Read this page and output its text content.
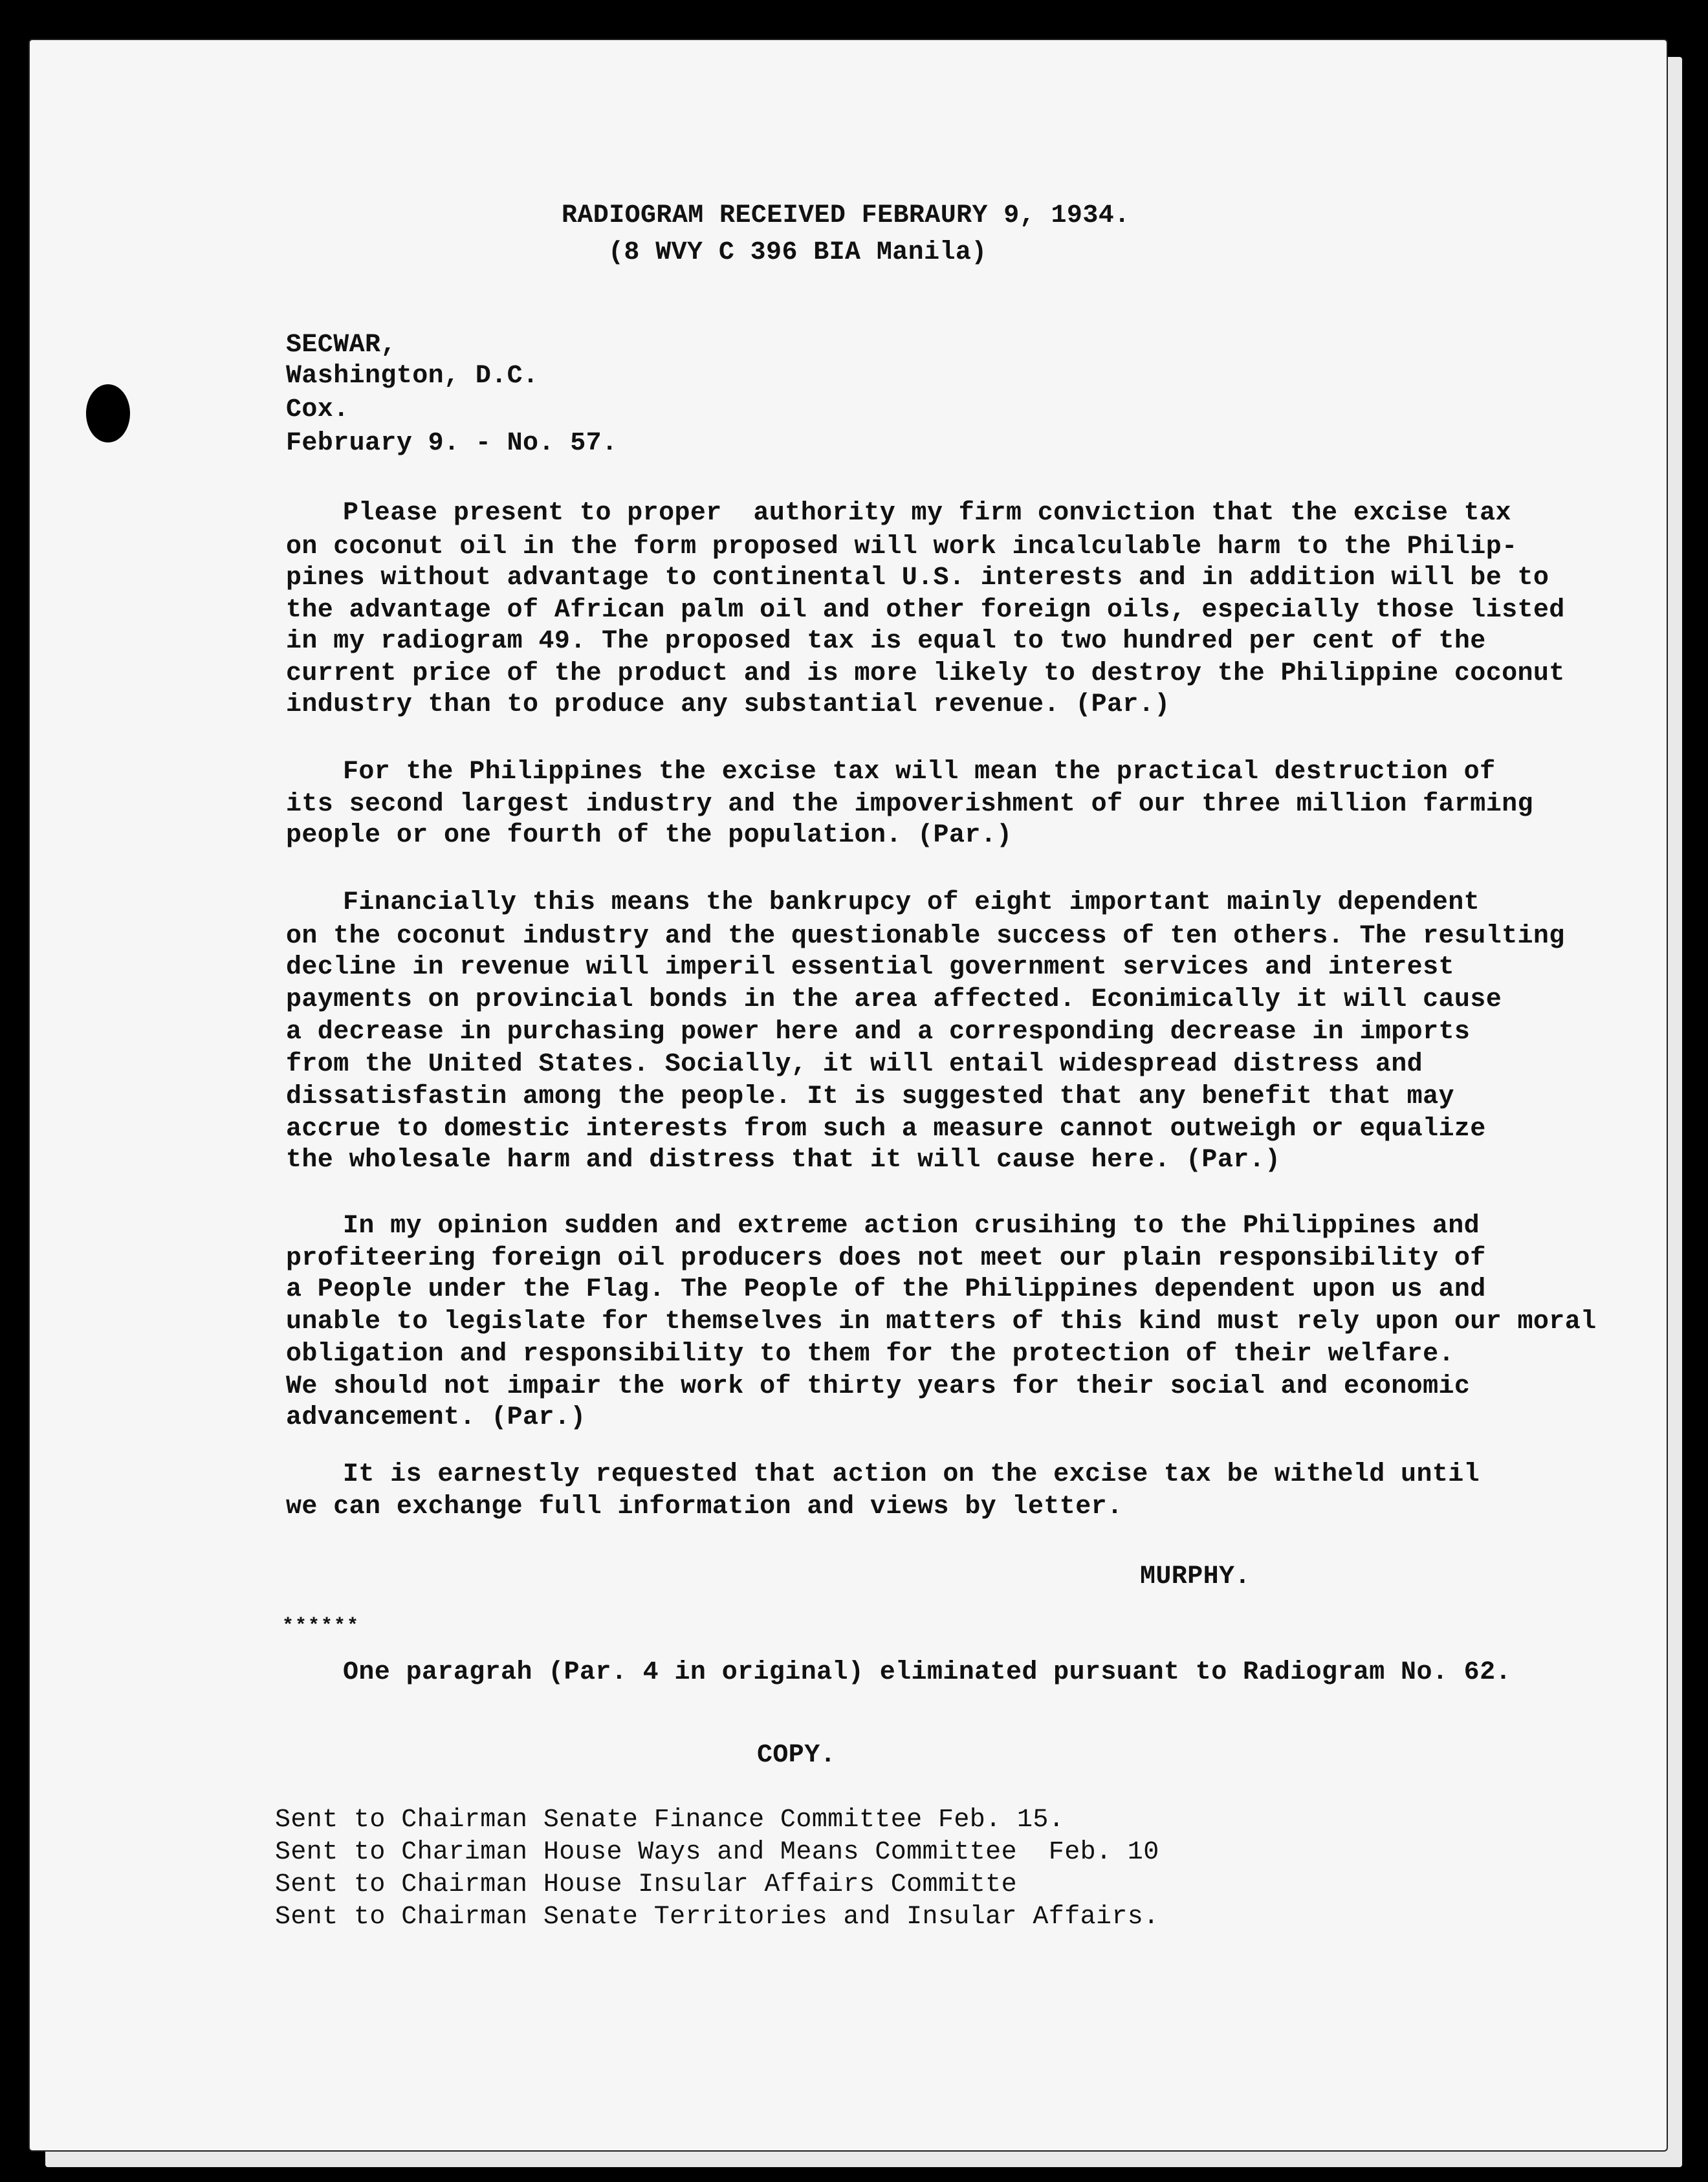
RADIOGRAM RECEIVED FEBRAURY 9, 1934.

(8 WVY C 396 BIA Manila)

SECWAR,

Washington, D.C.

Cox.

February 9. - No. 57.

Please present to proper  authority my firm conviction that the excise tax

on coconut oil in the form proposed will work incalculable harm to the Philip-

pines without advantage to continental U.S. interests and in addition will be to

the advantage of African palm oil and other foreign oils, especially those listed

in my radiogram 49. The proposed tax is equal to two hundred per cent of the

current price of the product and is more likely to destroy the Philippine coconut

industry than to produce any substantial revenue. (Par.)

For the Philippines the excise tax will mean the practical destruction of

its second largest industry and the impoverishment of our three million farming

people or one fourth of the population. (Par.)

Financially this means the bankrupcy of eight important mainly dependent

on the coconut industry and the questionable success of ten others. The resulting

decline in revenue will imperil essential government services and interest

payments on provincial bonds in the area affected. Econimically it will cause

a decrease in purchasing power here and a corresponding decrease in imports

from the United States. Socially, it will entail widespread distress and

dissatisfastin among the people. It is suggested that any benefit that may

accrue to domestic interests from such a measure cannot outweigh or equalize

the wholesale harm and distress that it will cause here. (Par.)

In my opinion sudden and extreme action crusihing to the Philippines and

profiteering foreign oil producers does not meet our plain responsibility of

a People under the Flag. The People of the Philippines dependent upon us and

unable to legislate for themselves in matters of this kind must rely upon our moral

obligation and responsibility to them for the protection of their welfare.

We should not impair the work of thirty years for their social and economic

advancement. (Par.)

It is earnestly requested that action on the excise tax be witheld until

we can exchange full information and views by letter.

MURPHY.

******

One paragrah (Par. 4 in original) eliminated pursuant to Radiogram No. 62.

COPY.

Sent to Chairman Senate Finance Committee Feb. 15.

Sent to Chariman House Ways and Means Committee  Feb. 10

Sent to Chairman House Insular Affairs Committe

Sent to Chairman Senate Territories and Insular Affairs.
